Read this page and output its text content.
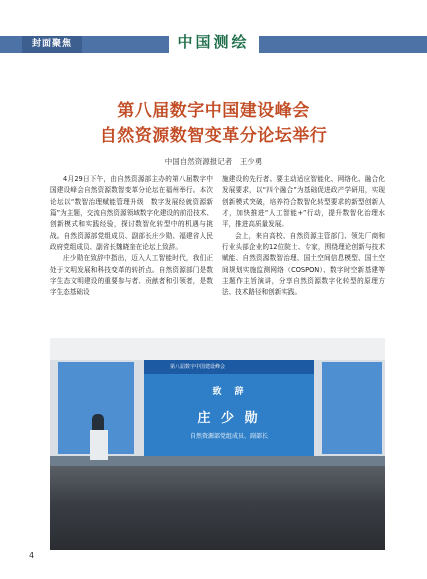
封面聚焦	中国测绘
第八届数字中国建设峰会
自然资源数智变革分论坛举行
中国自然资源报记者　王少勇

4月29日下午，由自然资源部主办的第八届数字中国建设峰会自然资源数智变革分论坛在福州举行。本次论坛以“数智治理赋能管理升级　数字发展经就资源新篇”为主题，交流自然资源领域数字化建设的前沿技术、创新模式和实践经验，探讨数智化转型中的机遇与挑战。自然资源部党组成员、副部长庄少勋、福建省人民政府党组成员、副省长魏晓奎在论坛上致辞。

庄少勋在致辞中指出，迈入人工智能时代，我们正处于文明发展和科技变革的转折点。自然资源部门是数字生态文明建设的重要参与者、贡献者和引领者，是数字生态基础设

施建设的先行者。要主动适应智能化、网络化、融合化发展要求，以“四个融合”为基础促进政产学研用，实现创新模式突破，培养符合数智化转型要求的新型创新人才，加快推进“人工智能+”行动，提升数智化治理水平，推进高质量发展。

会上，来自高校、自然资源主管部门、领先厂商和行业头部企业的12位院士、专家，围绕理论创新与技术赋能、自然资源数智治理、国土空间信息模型、国土空间规划实施监测网络（COSPON）、数字时空新基建等主题作主旨演讲，分享自然资源数字化转型的原理方法、技术路径和创新实践。

第八届数字中国建设峰会
致　辞
庄 少 勋
自然资源部党组成员、副部长
4
